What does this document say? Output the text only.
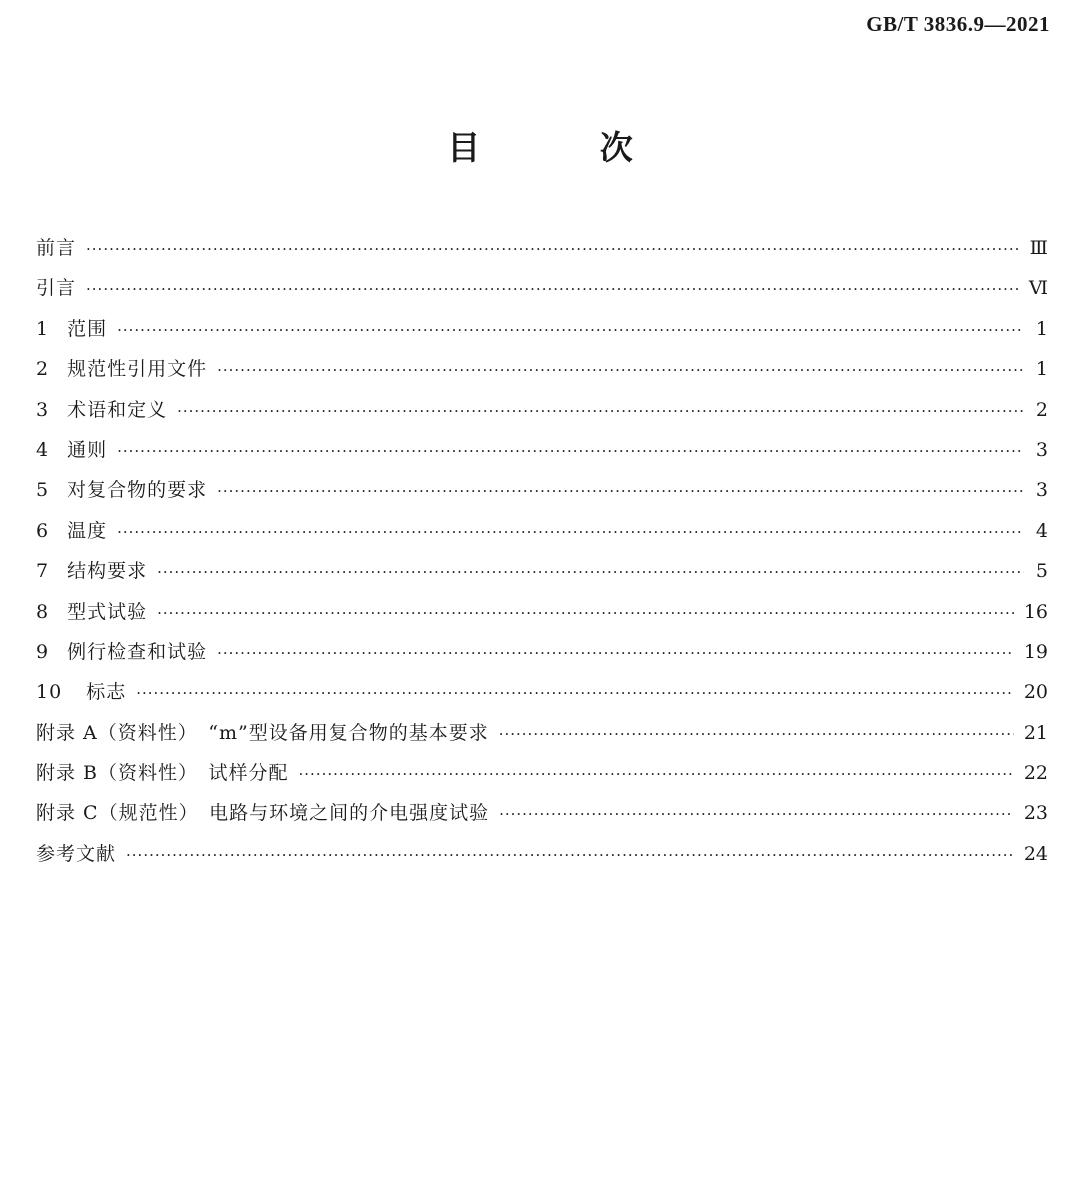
GB/T 3836.9—2021
目 次
前言 ·····	Ⅲ
引言 ·····	Ⅵ
1 范围 ·····	1
2 规范性引用文件 ·····	1
3 术语和定义 ·····	2
4 通则 ·····	3
5 对复合物的要求 ·····	3
6 温度 ·····	4
7 结构要求 ·····	5
8 型式试验 ·····	16
9 例行检查和试验 ·····	19
10 标志 ·····	20
附录 A（资料性）　“m”型设备用复合物的基本要求 ·····	21
附录 B（资料性）　试样分配 ·····	22
附录 C（规范性）　电路与环境之间的介电强度试验 ·····	23
参考文献 ·····	24
